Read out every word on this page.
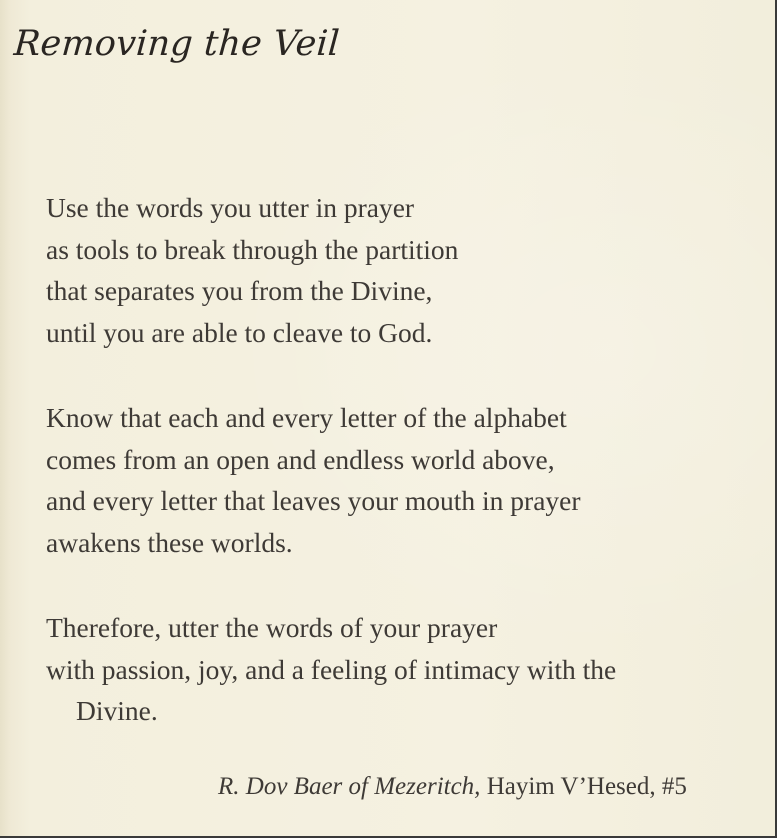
Removing the Veil
Use the words you utter in prayer
as tools to break through the partition
that separates you from the Divine,
until you are able to cleave to God.
Know that each and every letter of the alphabet
comes from an open and endless world above,
and every letter that leaves your mouth in prayer
awakens these worlds.
Therefore, utter the words of your prayer
with passion, joy, and a feeling of intimacy with the
Divine.
R. Dov Baer of Mezeritch, Hayim V’Hesed, #5
